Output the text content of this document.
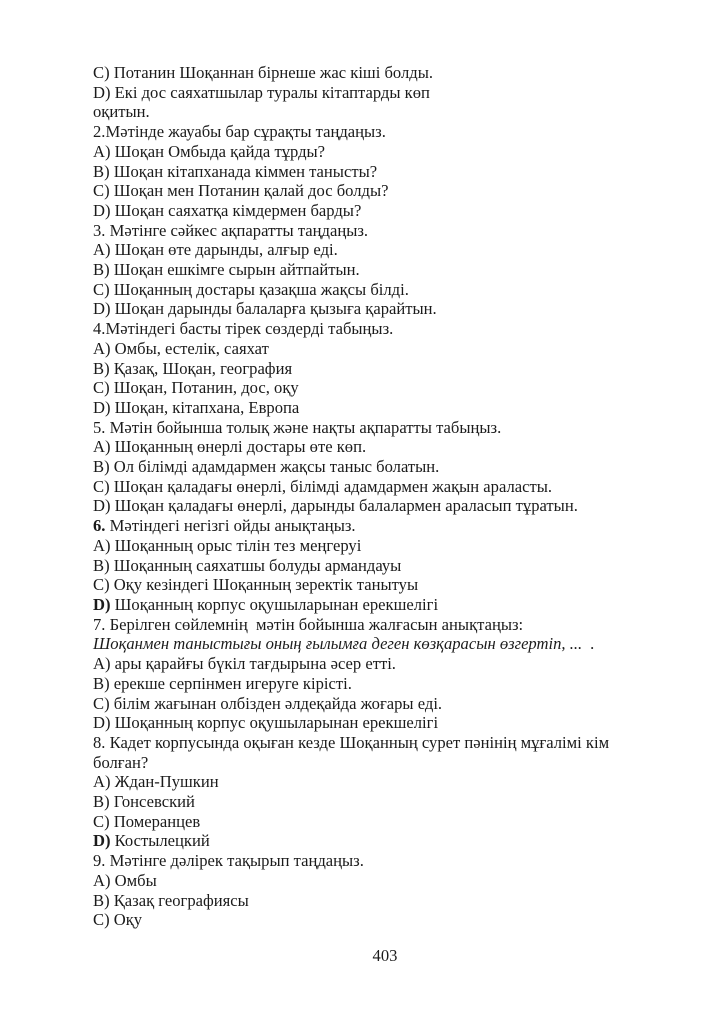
C) Потанин Шоқаннан бірнеше жас кіші болды.
D) Екі дос саяхатшылар туралы кітаптарды көп
оқитын.
2.Мәтінде жауабы бар сұрақты таңдаңыз.
A) Шоқан Омбыда қайда тұрды?
B) Шоқан кітапханада кіммен танысты?
C) Шоқан мен Потанин қалай дос болды?
D) Шоқан саяхатқа кімдермен барды?
3. Мәтінге сәйкес ақпаратты таңдаңыз.
A) Шоқан өте дарынды, алғыр еді.
B) Шоқан ешкімге сырын айтпайтын.
C) Шоқанның достары қазақша жақсы білді.
D) Шоқан дарынды балаларға қызыға қарайтын.
4.Мәтіндегі басты тірек сөздерді табыңыз.
A) Омбы, естелік, саяхат
B) Қазақ, Шоқан, география
C) Шоқан, Потанин, дос, оқу
D) Шоқан, кітапхана, Европа
5. Мәтін бойынша толық және нақты ақпаратты табыңыз.
A) Шоқанның өнерлі достары өте көп.
B) Ол білімді адамдармен жақсы таныс болатын.
C) Шоқан қаладағы өнерлі, білімді адамдармен жақын араласты.
D) Шоқан қаладағы өнерлі, дарынды балалармен араласып тұратын.
6. Мәтіндегі негізгі ойды анықтаңыз.
A) Шоқанның орыс тілін тез меңгеруі
B) Шоқанның саяхатшы болуды армандауы
C) Оқу кезіндегі Шоқанның зеректік танытуы
D) Шоқанның корпус оқушыларынан ерекшелігі
7. Берілген сөйлемнің  мәтін бойынша жалғасын анықтаңыз:
Шоқанмен таныстығы оның ғылымға деген көзқарасын өзгертіп, ...  .
A) ары қарайғы бүкіл тағдырына әсер етті.
B) ерекше серпінмен игеруге кірісті.
C) білім жағынан олбізден әлдеқайда жоғары еді.
D) Шоқанның корпус оқушыларынан ерекшелігі
8. Кадет корпусында оқыған кезде Шоқанның сурет пәнінің мұғалімі кім
болған?
A) Ждан-Пушкин
B) Гонсевский
C) Померанцев
D) Костылецкий
9. Мәтінге дәлірек тақырып таңдаңыз.
A) Омбы
B) Қазақ географиясы
C) Оқу
403
